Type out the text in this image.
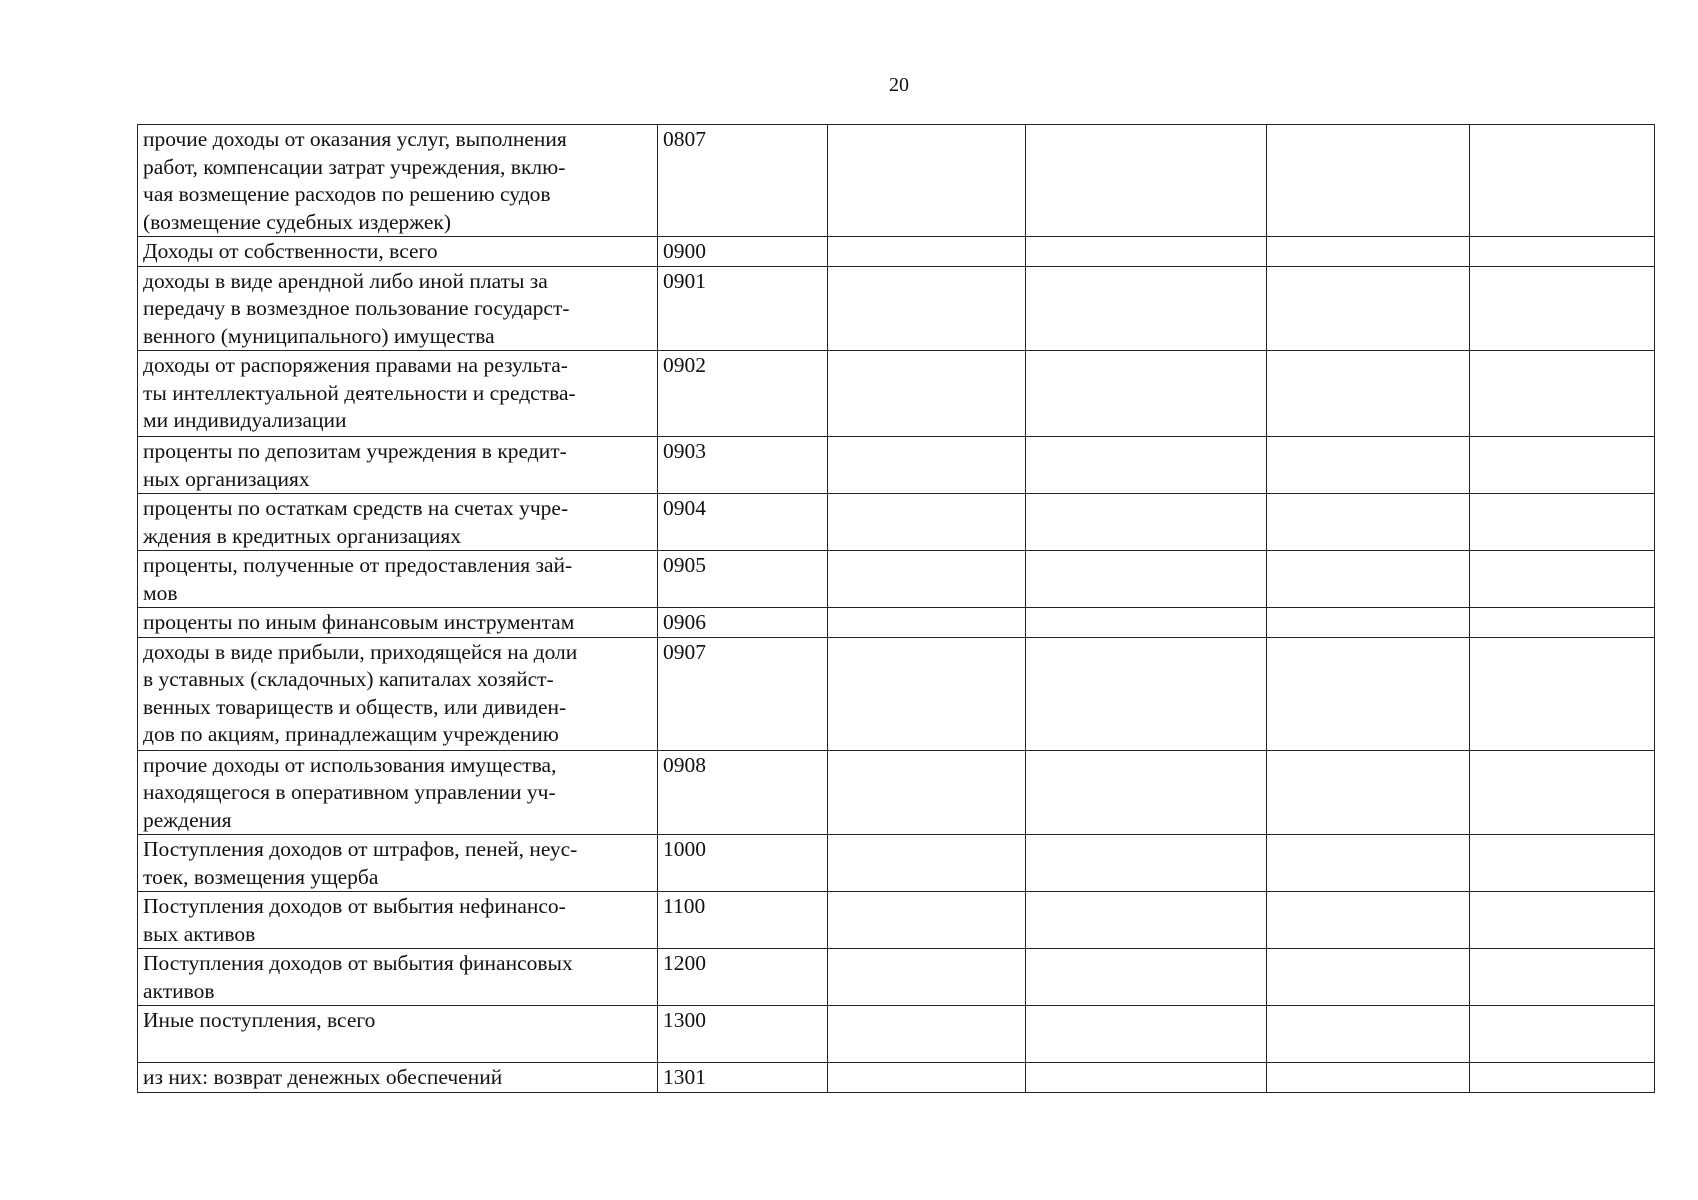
20
прочие доходы от оказания услуг, выполнения
работ, компенсации затрат учреждения, вклю-
чая возмещение расходов по решению судов
(возмещение судебных издержек)	0807				

Доходы от собственности, всего	0900				

доходы в виде арендной либо иной платы за
передачу в возмездное пользование государст-
венного (муниципального) имущества	0901				

доходы от распоряжения правами на результа-
ты интеллектуальной деятельности и средства-
ми индивидуализации	0902				

проценты по депозитам учреждения в кредит-
ных организациях	0903				

проценты по остаткам средств на счетах учре-
ждения в кредитных организациях	0904				

проценты, полученные от предоставления зай-
мов	0905				

проценты по иным финансовым инструментам	0906				

доходы в виде прибыли, приходящейся на доли
в уставных (складочных) капиталах хозяйст-
венных товариществ и обществ, или дивиден-
дов по акциям, принадлежащим учреждению	0907				

прочие доходы от использования имущества,
находящегося в оперативном управлении уч-
реждения	0908				

Поступления доходов от штрафов, пеней, неус-
тоек, возмещения ущерба	1000				

Поступления доходов от выбытия нефинансо-
вых активов	1100				

Поступления доходов от выбытия финансовых
активов	1200				

Иные поступления, всего	1300				

из них: возврат денежных обеспечений	1301				
